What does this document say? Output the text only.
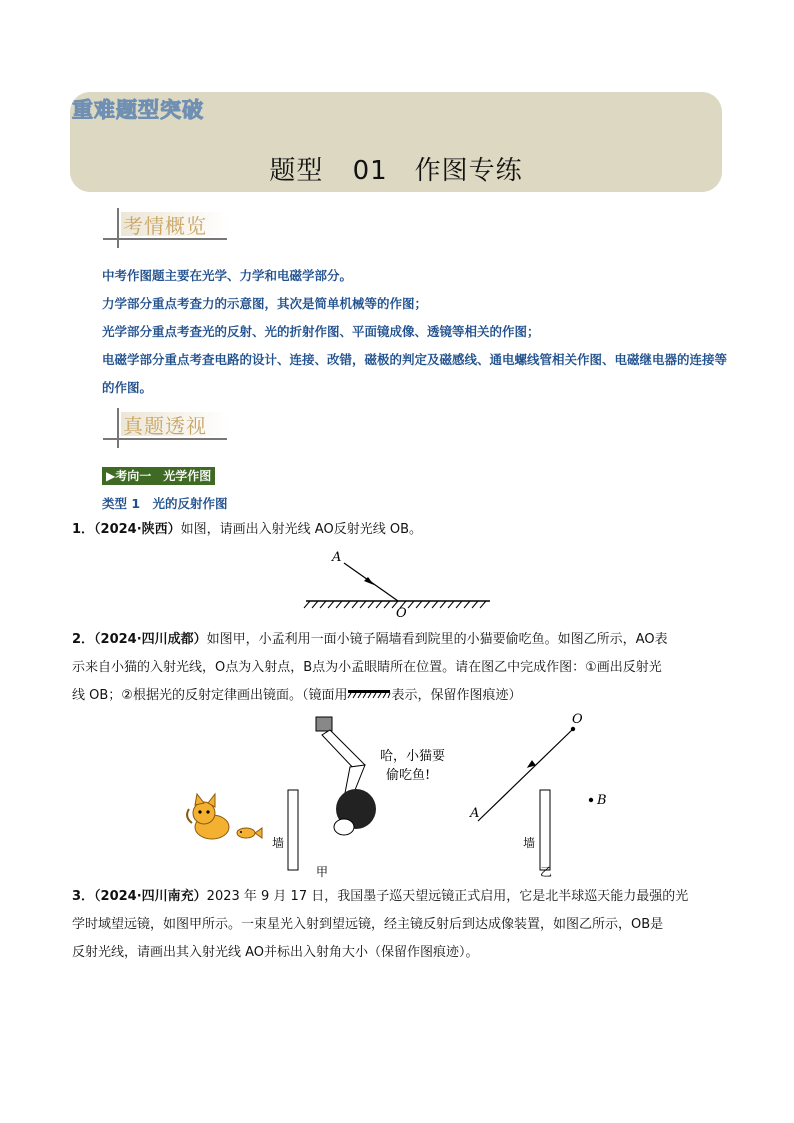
重难题型突破
题型 01　作图专练
考情概览

中考作图题主要在光学、力学和电磁学部分。

力学部分重点考查力的示意图，其次是简单机械等的作图；

光学部分重点考查光的反射、光的折射作图、平面镜成像、透镜等相关的作图；

电磁学部分重点考查电路的设计、连接、改错，磁极的判定及磁感线、通电螺线管相关作图、电磁继电器的连接等的作图。

真题透视
▶考向一　光学作图
类型 1　光的反射作图

1．（2024·陕西）如图，请画出入射光线 AO反射光线 OB。

A
O

2．（2024·四川成都）如图甲，小孟利用一面小镜子隔墙看到院里的小猫要偷吃鱼。如图乙所示，AO表

示来自小猫的入射光线，O点为入射点，B点为小孟眼睛所在位置。请在图乙中完成作图：①画出反射光

线 OB；②根据光的反射定律画出镜面。（镜面用	表示，保留作图痕迹）

墙
哈，小猫要
偷吃鱼!
甲
O
A
B
墙
乙

3．（2024·四川南充）2023 年 9 月 17 日，我国墨子巡天望远镜正式启用，它是北半球巡天能力最强的光

学时域望远镜，如图甲所示。一束星光入射到望远镜，经主镜反射后到达成像装置，如图乙所示，OB是

反射光线，请画出其入射光线 AO并标出入射角大小（保留作图痕迹）。
